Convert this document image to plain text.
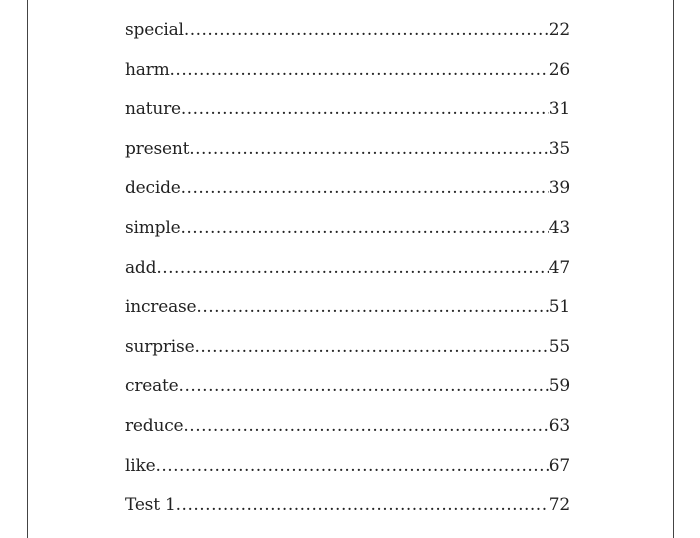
special .....	22
harm .....	26
nature .....	31
present .....	35
decide .....	39
simple .....	43
add .....	47
increase .....	51
surprise .....	55
create .....	59
reduce .....	63
like .....	67
Test 1 .....	72
